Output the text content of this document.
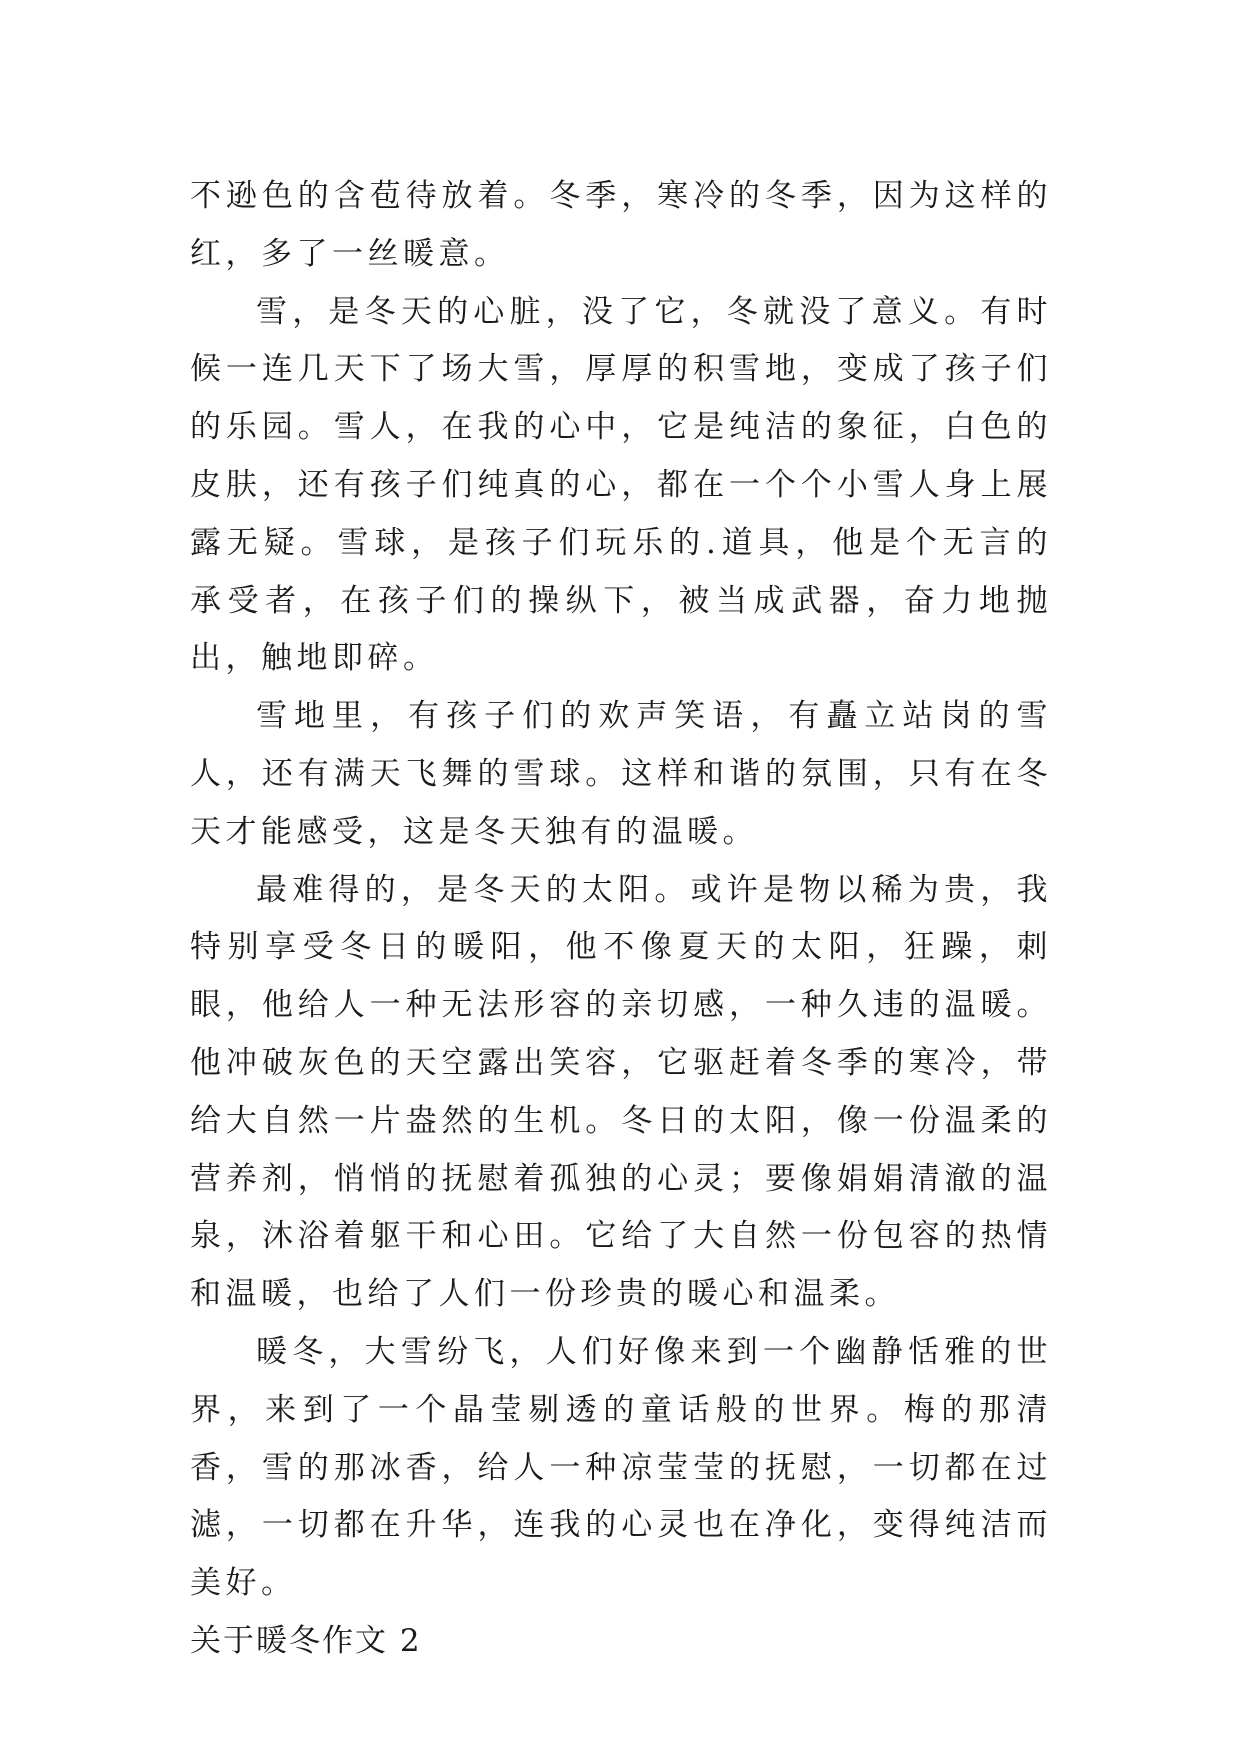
不逊色的含苞待放着。冬季，寒冷的冬季，因为这样的红，多了一丝暖意。

雪，是冬天的心脏，没了它，冬就没了意义。有时候一连几天下了场大雪，厚厚的积雪地，变成了孩子们的乐园。雪人，在我的心中，它是纯洁的象征，白色的皮肤，还有孩子们纯真的心，都在一个个小雪人身上展露无疑。雪球，是孩子们玩乐的.道具，他是个无言的承受者，在孩子们的操纵下，被当成武器，奋力地抛出，触地即碎。

雪地里，有孩子们的欢声笑语，有矗立站岗的雪人，还有满天飞舞的雪球。这样和谐的氛围，只有在冬天才能感受，这是冬天独有的温暖。

最难得的，是冬天的太阳。或许是物以稀为贵，我特别享受冬日的暖阳，他不像夏天的太阳，狂躁，刺眼，他给人一种无法形容的亲切感，一种久违的温暖。他冲破灰色的天空露出笑容，它驱赶着冬季的寒冷，带给大自然一片盎然的生机。冬日的太阳，像一份温柔的营养剂，悄悄的抚慰着孤独的心灵；要像娟娟清澈的温泉，沐浴着躯干和心田。它给了大自然一份包容的热情和温暖，也给了人们一份珍贵的暖心和温柔。

暖冬，大雪纷飞，人们好像来到一个幽静恬雅的世界，来到了一个晶莹剔透的童话般的世界。梅的那清香，雪的那冰香，给人一种凉莹莹的抚慰，一切都在过滤，一切都在升华，连我的心灵也在净化，变得纯洁而美好。

关于暖冬作文 2
